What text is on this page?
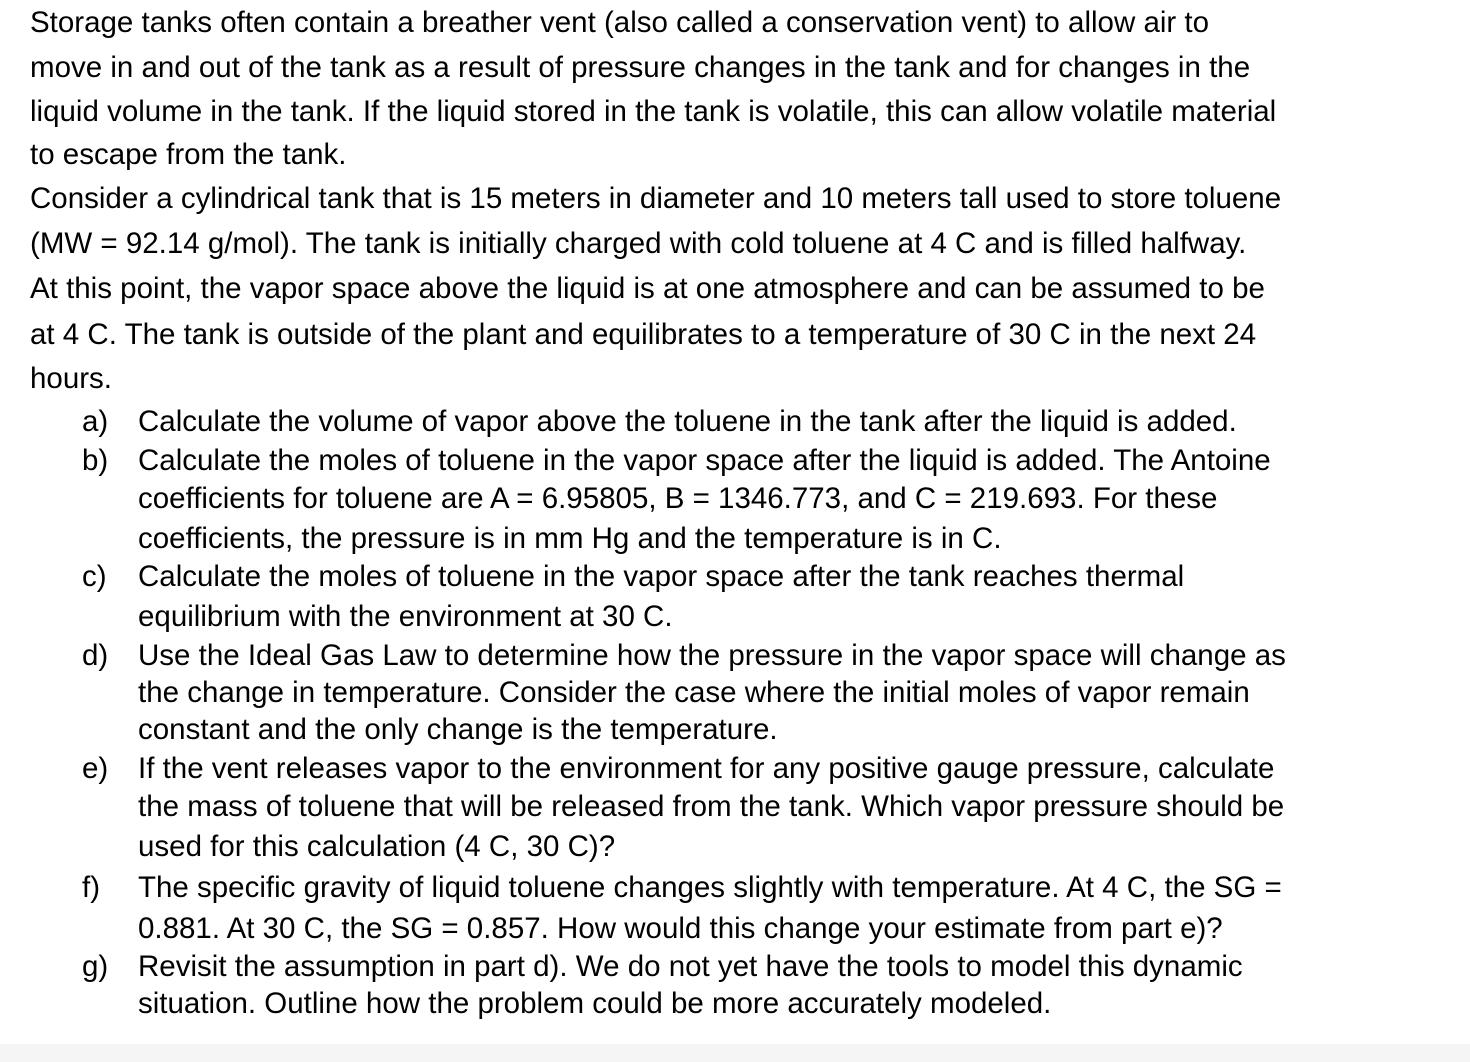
Storage tanks often contain a breather vent (also called a conservation vent) to allow air to
move in and out of the tank as a result of pressure changes in the tank and for changes in the
liquid volume in the tank. If the liquid stored in the tank is volatile, this can allow volatile material
to escape from the tank.
Consider a cylindrical tank that is 15 meters in diameter and 10 meters tall used to store toluene
(MW = 92.14 g/mol). The tank is initially charged with cold toluene at 4 C and is filled halfway.
At this point, the vapor space above the liquid is at one atmosphere and can be assumed to be
at 4 C. The tank is outside of the plant and equilibrates to a temperature of 30 C in the next 24
hours.
a) Calculate the volume of vapor above the toluene in the tank after the liquid is added.
b) Calculate the moles of toluene in the vapor space after the liquid is added. The Antoine
coefficients for toluene are A = 6.95805, B = 1346.773, and C = 219.693. For these
coefficients, the pressure is in mm Hg and the temperature is in C.
c) Calculate the moles of toluene in the vapor space after the tank reaches thermal
equilibrium with the environment at 30 C.
d) Use the Ideal Gas Law to determine how the pressure in the vapor space will change as
the change in temperature. Consider the case where the initial moles of vapor remain
constant and the only change is the temperature.
e) If the vent releases vapor to the environment for any positive gauge pressure, calculate
the mass of toluene that will be released from the tank. Which vapor pressure should be
used for this calculation (4 C, 30 C)?
f) The specific gravity of liquid toluene changes slightly with temperature. At 4 C, the SG =
0.881. At 30 C, the SG = 0.857. How would this change your estimate from part e)?
g) Revisit the assumption in part d). We do not yet have the tools to model this dynamic
situation. Outline how the problem could be more accurately modeled.
